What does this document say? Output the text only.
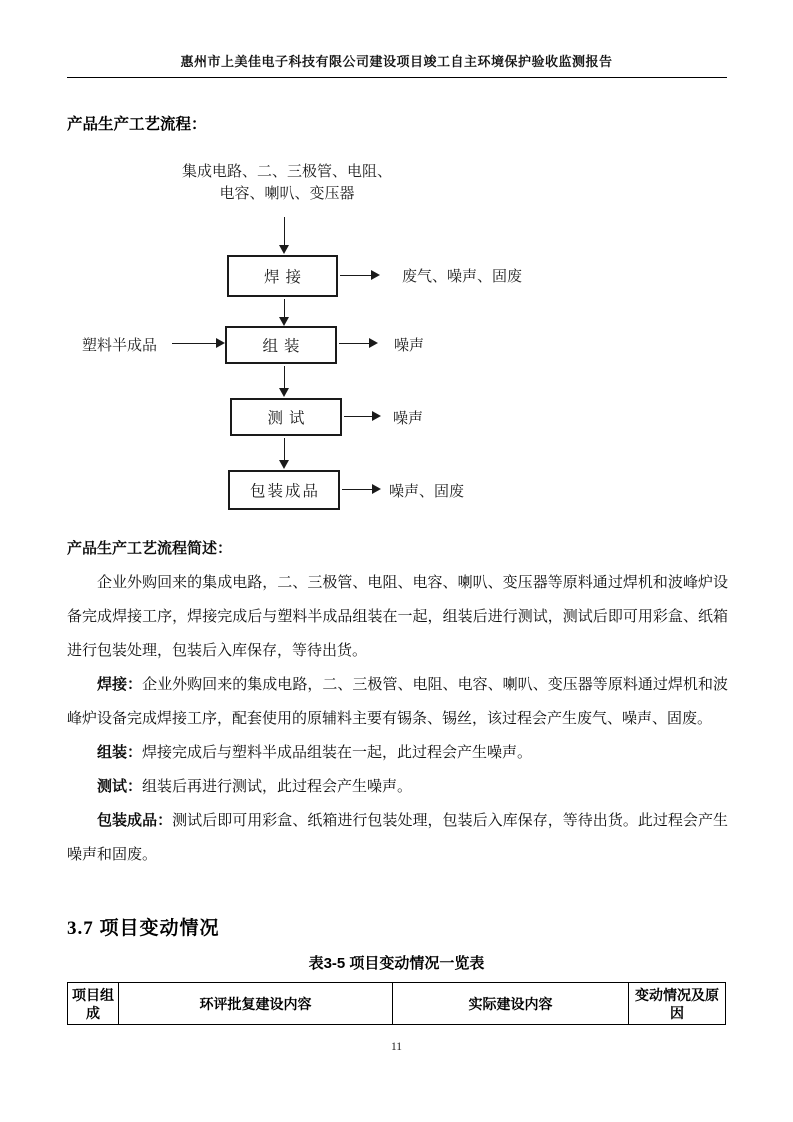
惠州市上美佳电子科技有限公司建设项目竣工自主环境保护验收监测报告
产品生产工艺流程：
集成电路、二、三极管、电阻、
电容、喇叭、变压器
焊接	废气、噪声、固废
塑料半成品	组装	噪声
测试	噪声
包装成品	噪声、固废
产品生产工艺流程简述：

企业外购回来的集成电路，二、三极管、电阻、电容、喇叭、变压器等原料通过焊机和波峰炉设备完成焊接工序，焊接完成后与塑料半成品组装在一起，组装后进行测试，测试后即可用彩盒、纸箱进行包装处理，包装后入库保存，等待出货。

焊接：企业外购回来的集成电路，二、三极管、电阻、电容、喇叭、变压器等原料通过焊机和波峰炉设备完成焊接工序，配套使用的原辅料主要有锡条、锡丝，该过程会产生废气、噪声、固废。

组装：焊接完成后与塑料半成品组装在一起，此过程会产生噪声。

测试：组装后再进行测试，此过程会产生噪声。

包装成品：测试后即可用彩盒、纸箱进行包装处理，包装后入库保存，等待出货。此过程会产生噪声和固废。

3.7 项目变动情况
表3-5 项目变动情况一览表
项目组成	环评批复建设内容	实际建设内容	变动情况及原因
11
